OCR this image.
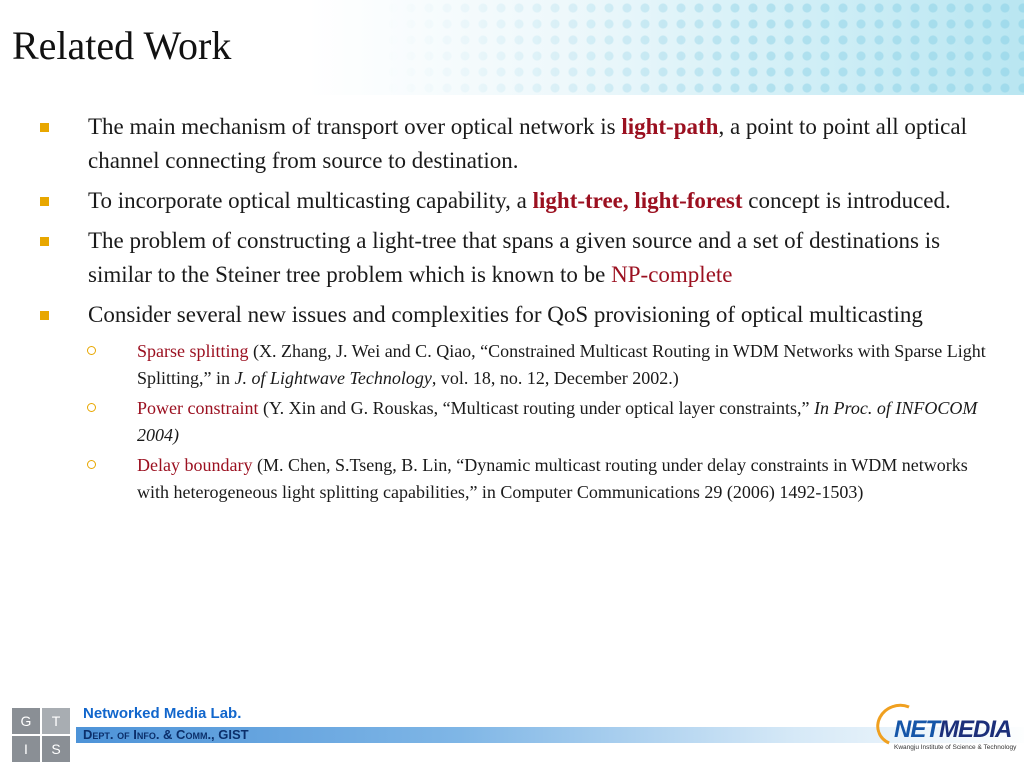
Related Work
The main mechanism of transport over optical network is light-path, a point to point all optical channel connecting from source to destination.
To incorporate optical multicasting capability, a light-tree, light-forest concept is introduced.
The problem of constructing a light-tree that spans a given source and a set of destinations is similar to the Steiner tree problem which is known to be NP-complete
Consider several new issues and complexities for QoS provisioning of optical multicasting
Sparse splitting (X. Zhang, J. Wei and C. Qiao, “Constrained Multicast Routing in WDM Networks with Sparse Light Splitting,” in J. of Lightwave Technology, vol. 18, no. 12, December 2002.)
Power constraint (Y. Xin and G. Rouskas, “Multicast routing under optical layer constraints,” In Proc. of INFOCOM 2004)
Delay boundary (M. Chen, S.Tseng, B. Lin, “Dynamic multicast routing under delay constraints in WDM networks with heterogeneous light splitting capabilities,” in Computer Communications 29 (2006) 1492-1503)
G
I	S
T	Networked Media Lab.
Dept. of Info. & Comm., GIST	NETMEDIA
Kwangju Institute of Science & Technology
